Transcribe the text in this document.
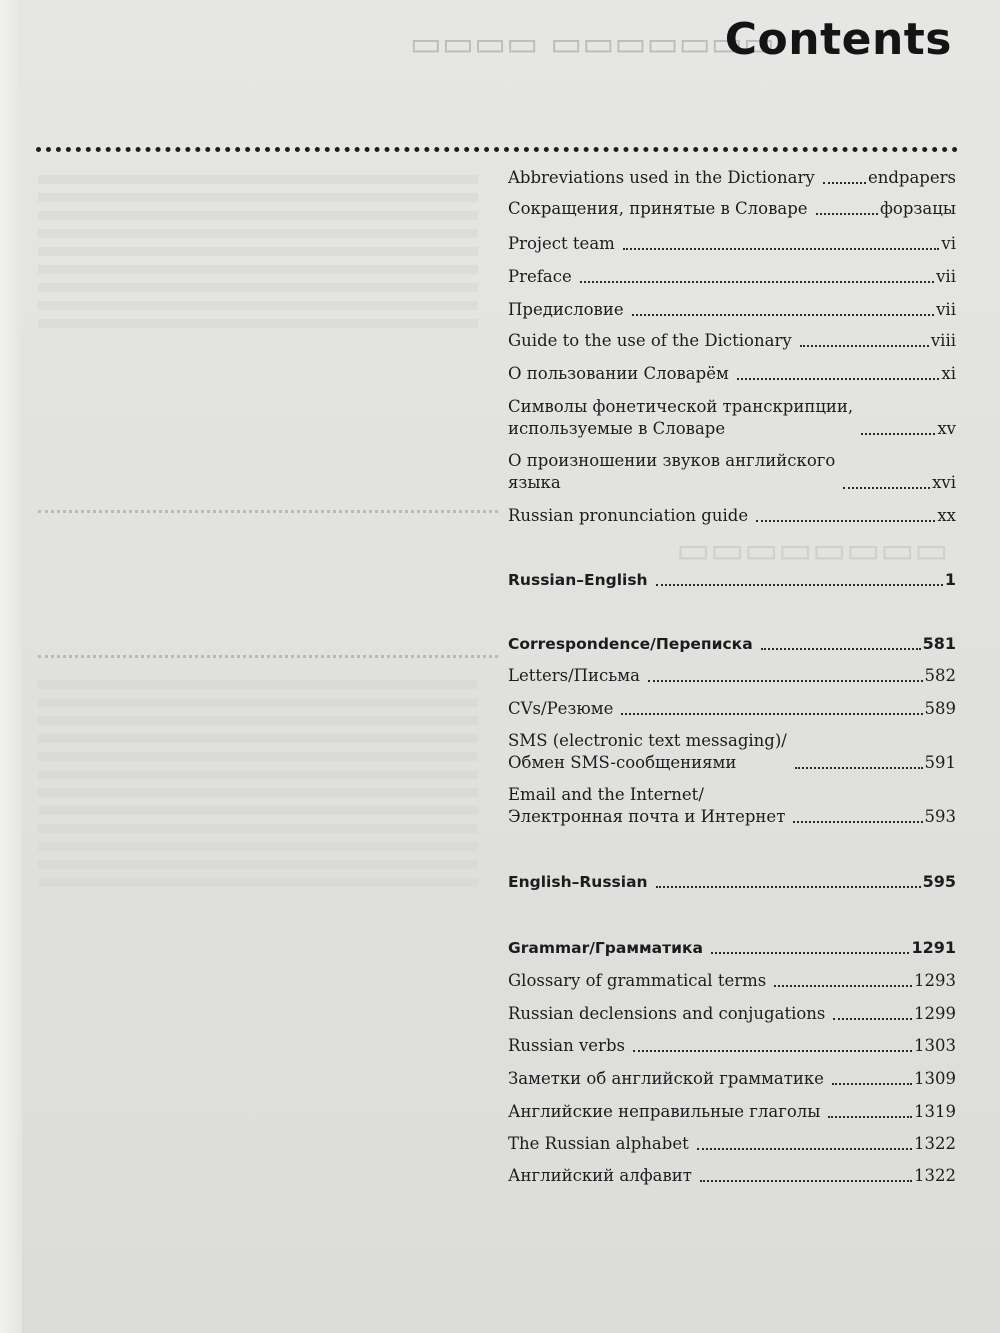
▭▭▭▭ ▭▭▭▭▭▭▭
▭▭▭▭▭▭▭▭
Contents
Abbreviations used in the Dictionary	endpapers
Сокращения, принятые в Словаре	форзацы
Project team	vi
Preface	vii
Предисловие	vii
Guide to the use of the Dictionary	viii
О пользовании Словарём	xi
Символы фонетической транскрипции,
используемые в Словаре	xv
О произношении звуков английского
языка	xvi
Russian pronunciation guide	xx
Russian–English	1
Correspondence/Переписка	581
Letters/Письма	582
CVs/Резюме	589
SMS (electronic text messaging)/
Обмен SMS-сообщениями	591
Email and the Internet/
Электронная почта и Интернет	593
English–Russian	595
Grammar/Грамматика	1291
Glossary of grammatical terms	1293
Russian declensions and conjugations	1299
Russian verbs	1303
Заметки об английской грамматике	1309
Английские неправильные глаголы	1319
The Russian alphabet	1322
Английский алфавит	1322
